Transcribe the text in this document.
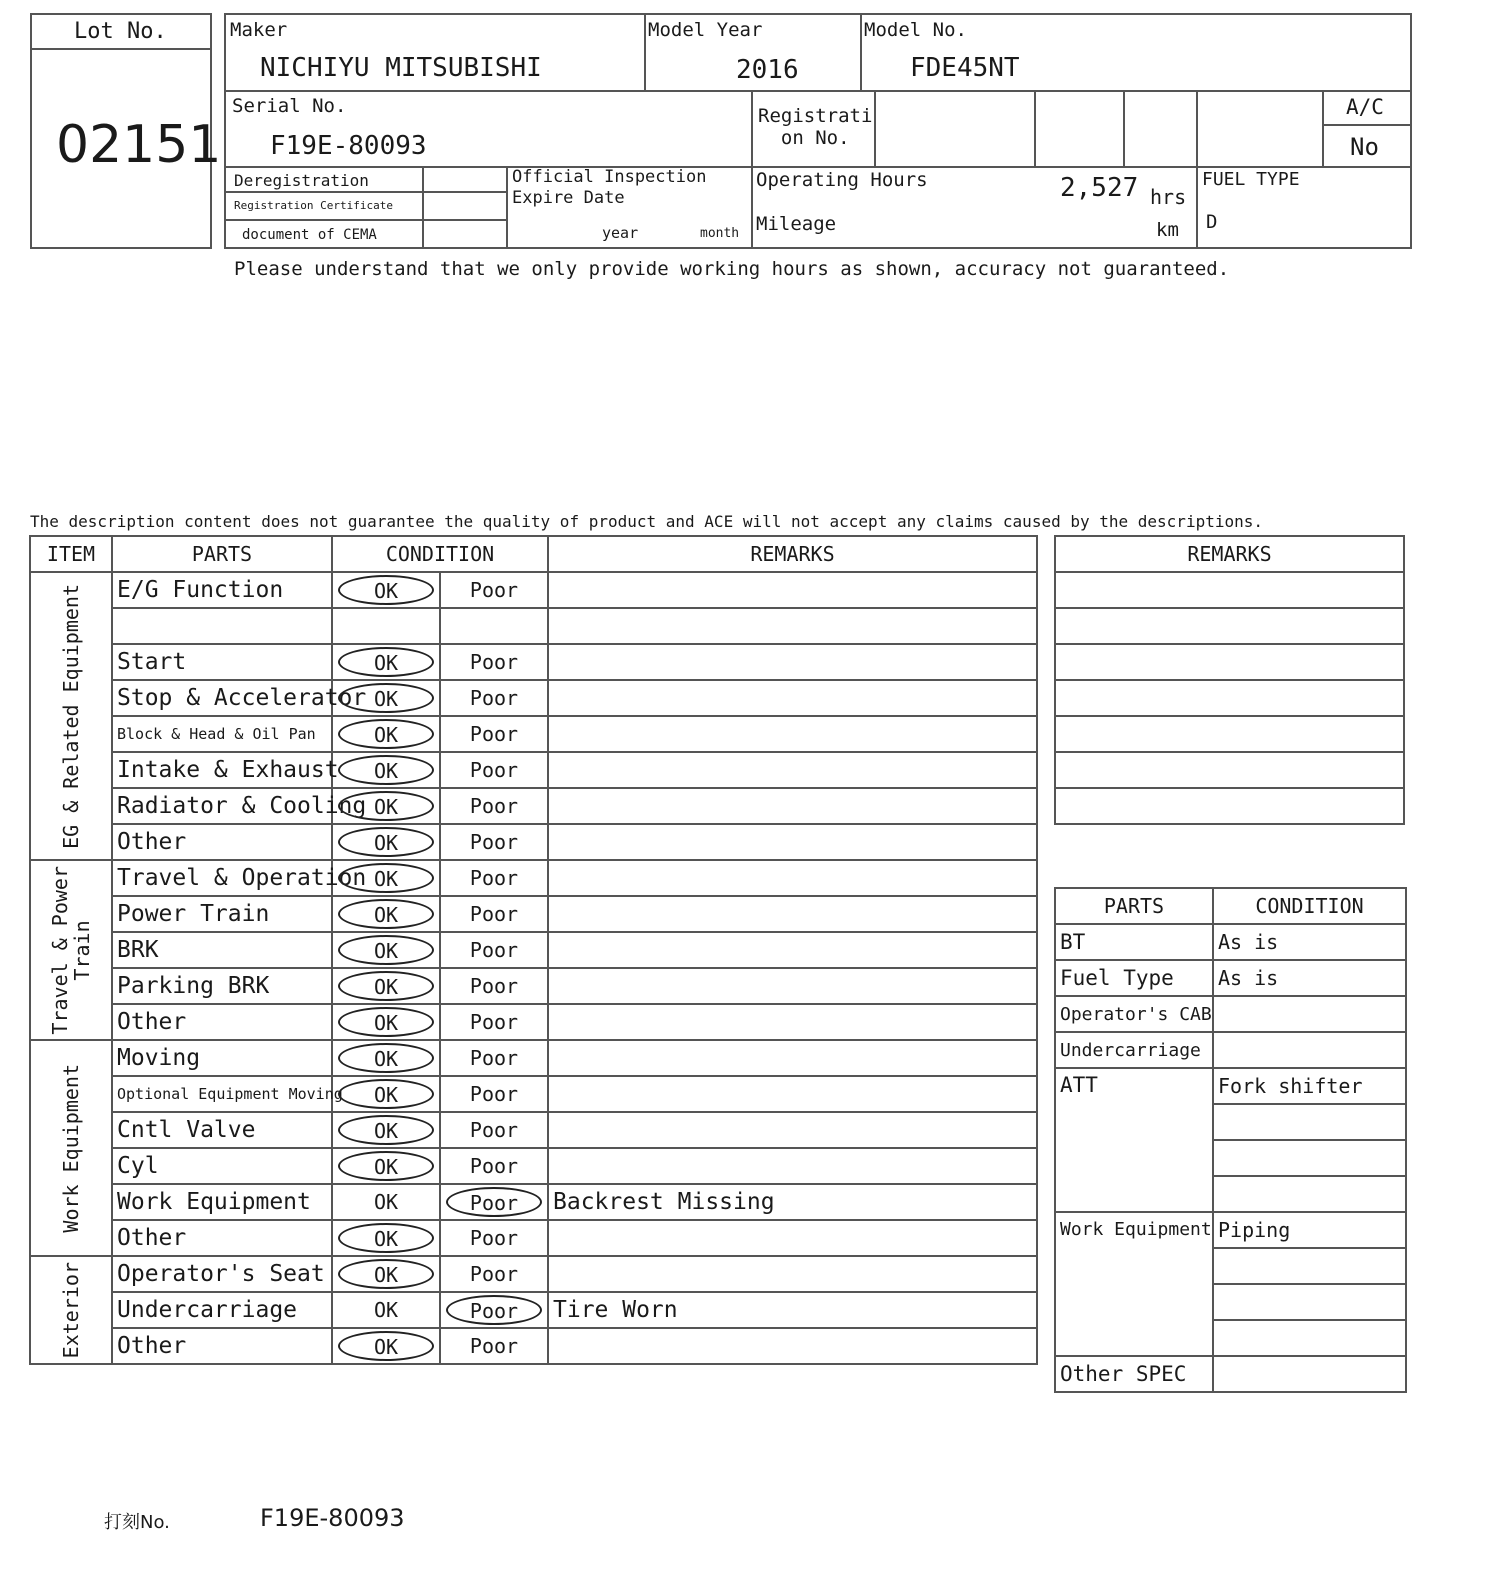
Lot No.
02151
Maker
NICHIYU MITSUBISHI
Model Year
2016
Model No.
FDE45NT
Serial No.
F19E-80093
Registrati
on No.
A/C
No
Deregistration
Registration Certificate
document of CEMA
Official Inspection
Expire Date
year	month
Operating Hours	2,527 hrs
Mileage	km
FUEL TYPE
D
Please understand that we only provide working hours as shown, accuracy not guaranteed.
The description content does not guarantee the quality of product and ACE will not accept any claims caused by the descriptions.
ITEM	PARTS	CONDITION		REMARKS

EG & Related Equipment	E/G Function	OK	Poor	

	Start	OK	Poor	
	Stop & Accelerator	OK	Poor	
	Block & Head & Oil Pan	OK	Poor	
	Intake & Exhaust	OK	Poor	
	Radiator & Cooling	OK	Poor	
	Other	OK	Poor	

Travel & Power
Train	Travel & Operation	OK	Poor	
	Power Train	OK	Poor	
	BRK	OK	Poor	
	Parking BRK	OK	Poor	
	Other	OK	Poor	

Work Equipment	Moving	OK	Poor	
	Optional Equipment Moving	OK	Poor	
	Cntl Valve	OK	Poor	
	Cyl	OK	Poor	
	Work Equipment	OK	Poor	Backrest Missing
	Other	OK	Poor	

Exterior	Operator's Seat	OK	Poor	
	Undercarriage	OK	Poor	Tire Worn
	Other	OK	Poor	
REMARKS

PARTS	CONDITION
BT	As is
Fuel Type	As is
Operator's CAB	
Undercarriage	
ATT	Fork shifter

Work Equipment	Piping

Other SPEC	
打刻No.	F19E-80093
